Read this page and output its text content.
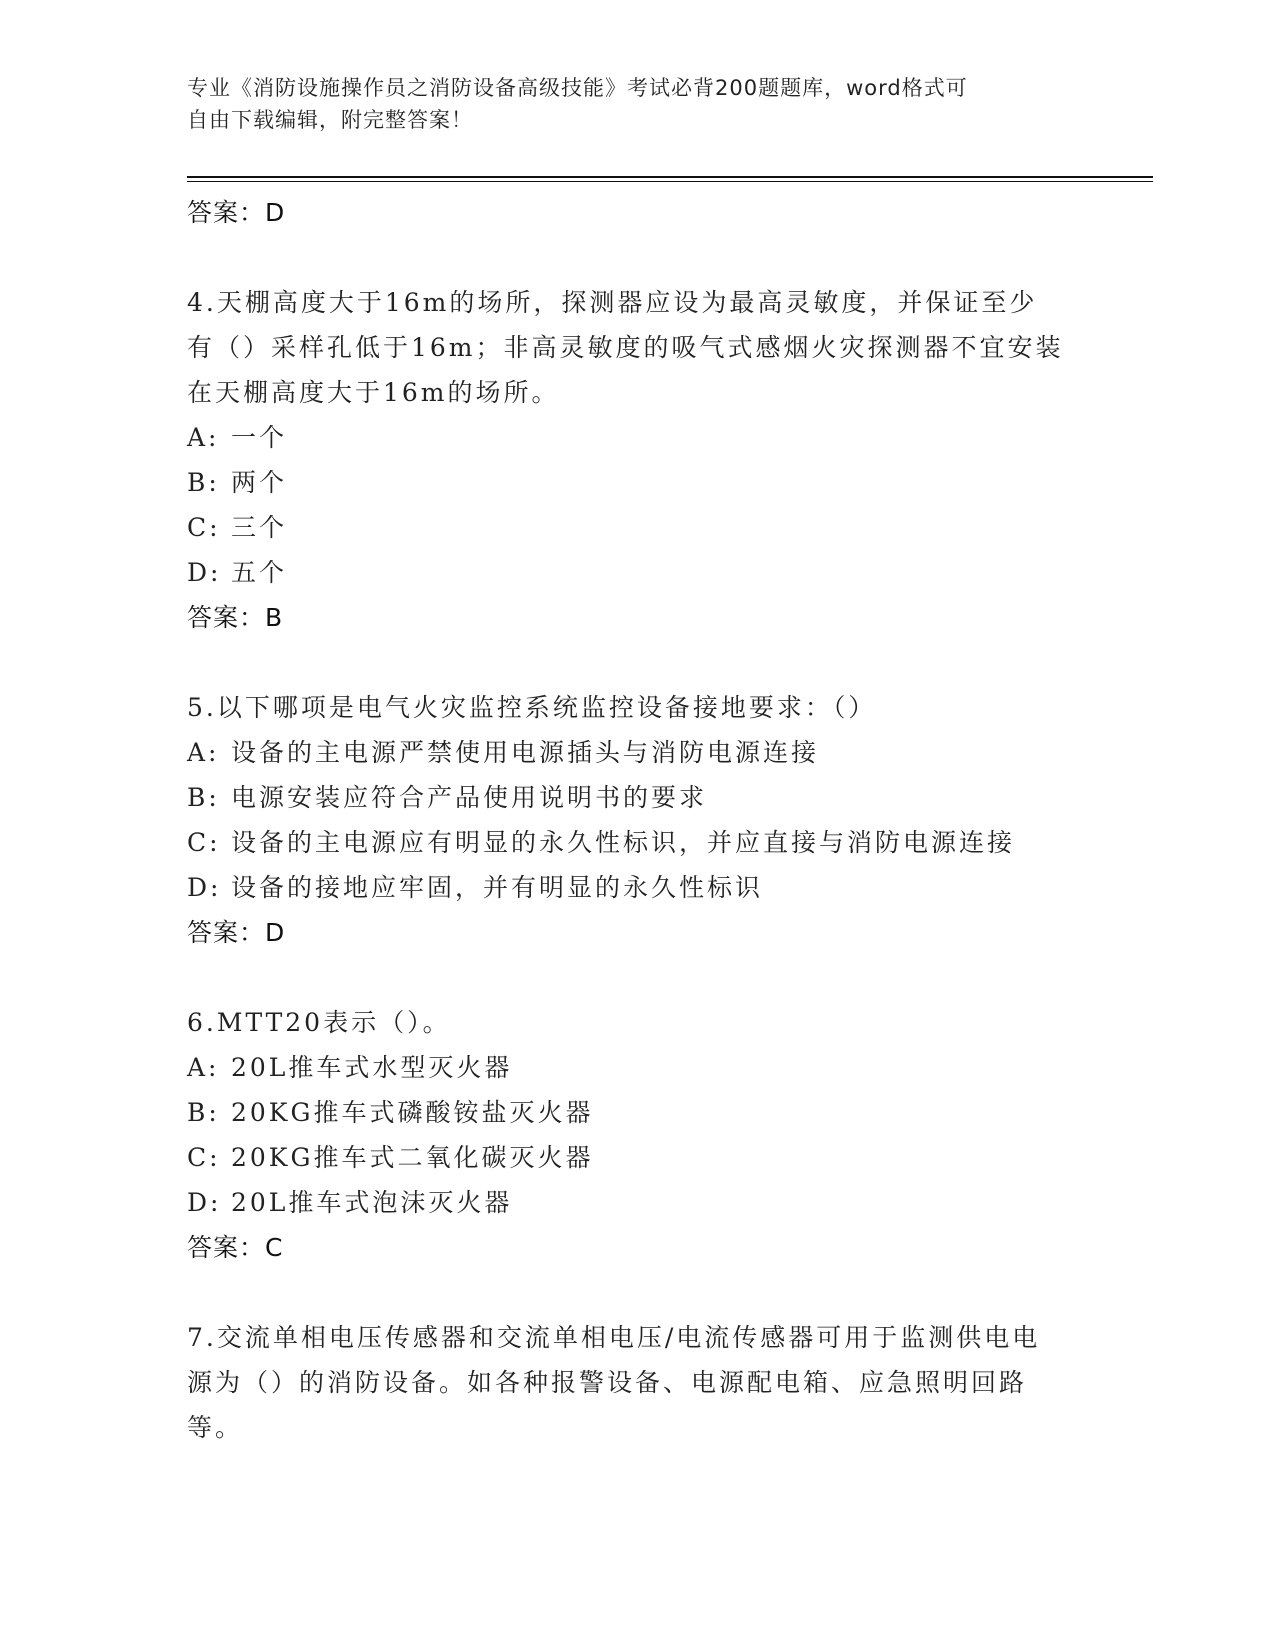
专业《消防设施操作员之消防设备高级技能》考试必背200题题库，word格式可
自由下载编辑，附完整答案！
答案：D
4.天棚高度大于16m的场所，探测器应设为最高灵敏度，并保证至少
有（）采样孔低于16m；非高灵敏度的吸气式感烟火灾探测器不宜安装
在天棚高度大于16m的场所。
A: 一个
B: 两个
C: 三个
D: 五个
答案：B
5.以下哪项是电气火灾监控系统监控设备接地要求：（）
A: 设备的主电源严禁使用电源插头与消防电源连接
B: 电源安装应符合产品使用说明书的要求
C: 设备的主电源应有明显的永久性标识，并应直接与消防电源连接
D: 设备的接地应牢固，并有明显的永久性标识
答案：D
6.MTT20表示（）。
A: 20L推车式水型灭火器
B: 20KG推车式磷酸铵盐灭火器
C: 20KG推车式二氧化碳灭火器
D: 20L推车式泡沫灭火器
答案：C
7.交流单相电压传感器和交流单相电压/电流传感器可用于监测供电电
源为（）的消防设备。如各种报警设备、电源配电箱、应急照明回路
等。
